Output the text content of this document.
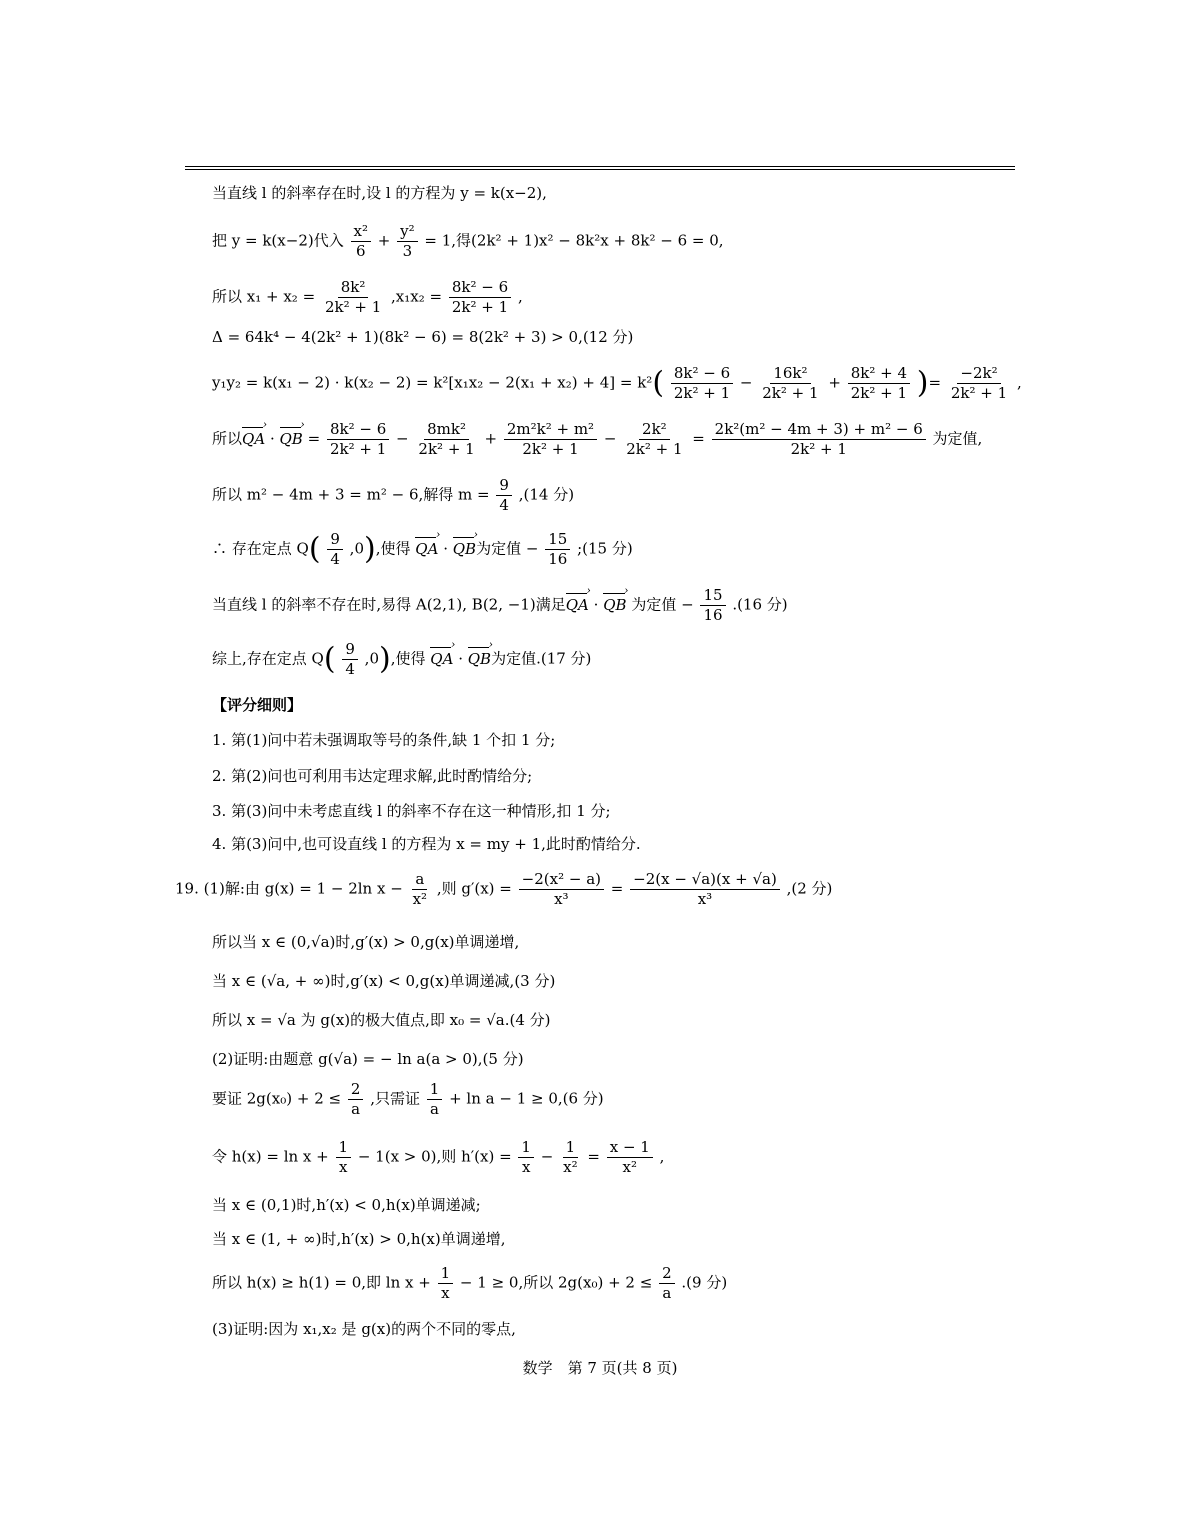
当直线 l 的斜率存在时,设 l 的方程为 y = k(x−2),
把 y = k(x−2)代入 $\frac{\text{x²}}{6} + \frac{\text{y²}}{3} = 1$,得(2k² + 1)x² − 8k²x + 8k² − 6 = 0,
所以 $x_1 + x_2 = \frac{\text{8k²}}{\text{2k² + 1}} ,x_1x_2 = \frac{\text{8k² − 6}}{\text{2k² + 1}}$ ,
Δ = 64k⁴ − 4(2k² + 1)(8k² − 6) = 8(2k² + 3) > 0,(12 分)
$y_1y_2 = k(x_1 - 2) \cdot k(x_2 - 2) = k^2[x_1x_2 - 2(x_1 + x_2) + 4] = k^2( \frac{\text{8k² − 6}}{\text{2k² + 1}} - \frac{\text{16k²}}{\text{2k² + 1}} + \frac{\text{8k² + 4}}{\text{2k² + 1}}$ )= $\frac{\text{−2k²}}{\text{2k² + 1}}$ ,
所以QA › · QB › = $\frac{\text{8k² − 6}}{\text{2k² + 1}} - \frac{\text{8mk²}}{\text{2k² + 1}} + \frac{\text{2m²k² + m²}}{\text{2k² + 1}} - \frac{\text{2k²}}{\text{2k² + 1}} = \frac{\text{2k²(m² − 4m + 3) + m² − 6}}{\text{2k² + 1}}$ 为定值,
所以 m² − 4m + 3 = m² − 6,解得 $m = \frac{9}{4} ,(14$ 分)
∴ 存在定点 $Q( \frac{9}{4} ,0)$,使得 QA › · QB ›为定值 − $\frac{15}{16}$ ;(15 分)
当直线 l 的斜率不存在时,易得 A(2,1), B(2, −1)满足QA › · QB › 为定值 − $\frac{15}{16} .(16$ 分)
综上,存在定点 $Q( \frac{9}{4} ,0)$,使得 QA › · QB ›为定值.(17 分)
【评分细则】
1. 第(1)问中若未强调取等号的条件,缺 1 个扣 1 分;
2. 第(2)问也可利用韦达定理求解,此时酌情给分;
3. 第(3)问中未考虑直线 l 的斜率不存在这一种情形,扣 1 分;
4. 第(3)问中,也可设直线 l 的方程为 x = my + 1,此时酌情给分.
19. (1)解:由 g(x) = 1 − 2ln $x - \frac{a}{\text{x²}}$ ,则 $g'(x) = \frac{\text{−2(x² − a)}}{\text{x³}} = \frac{-2(x - √a)(x + √a)}{\text{x³}} ,(2$ 分)
所以当 x ∈ (0,√a)时,g′(x) > 0,g(x)单调递增,
当 x ∈ (√a, + ∞)时,g′(x) < 0,g(x)单调递减,(3 分)
所以 x = √a 为 g(x)的极大值点,即 x₀ = √a.(4 分)
(2)证明:由题意 g(√a) = − ln a(a > 0),(5 分)
要证 $2g(x_0) + 2 \le \frac{2}{a}$ ,只需证 $\frac{1}{a} + \ln a - 1 \ge 0,(6$ 分)
令 $h(x) = \ln x + \frac{1}{x} - 1(x > 0)$,则 $h'(x) = \frac{1}{x} - \frac{1}{\text{x²}} = \frac{x - 1}{\text{x²}}$ ,
当 x ∈ (0,1)时,h′(x) < 0,h(x)单调递减;
当 x ∈ (1, + ∞)时,h′(x) > 0,h(x)单调递增,
所以 h(x) ≥ h(1) = 0,即 $\ln x + \frac{1}{x} - 1 \ge 0$,所以 $2g(x_0) + 2 \le \frac{2}{a} .(9$ 分)
(3)证明:因为 x₁,x₂ 是 g(x)的两个不同的零点,
数学　第 7 页(共 8 页)
